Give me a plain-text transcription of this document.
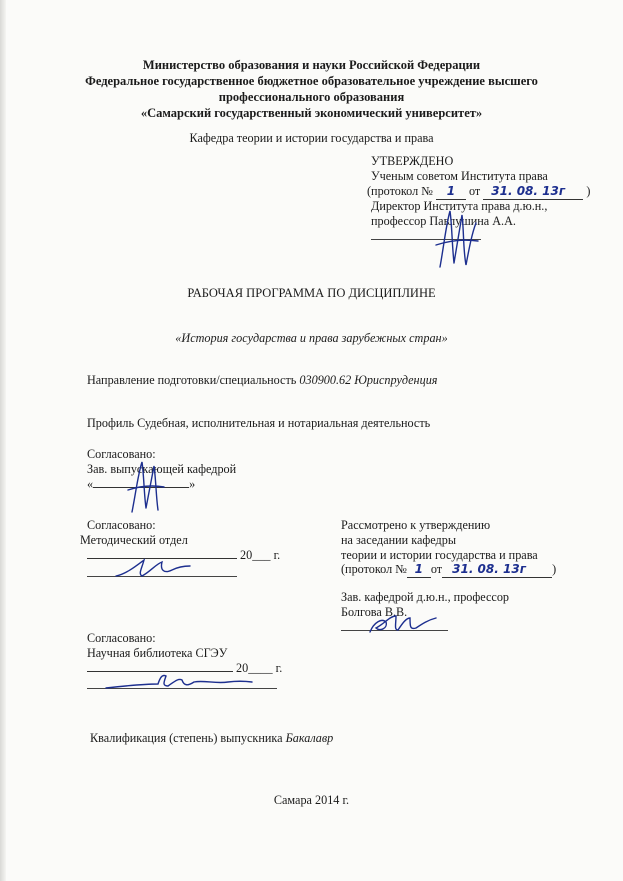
Министерство образования и науки Российской Федерации
Федеральное государственное бюджетное образовательное учреждение высшего
профессионального образования
«Самарский государственный экономический университет»
Кафедра теории и истории государства и права
УТВЕРЖДЕНО
Ученым советом Института права
(протокол № 1 от 31. 08. 13г )
Директор Института права д.ю.н.,
профессор Павлушина А.А.
РАБОЧАЯ ПРОГРАММА ПО ДИСЦИПЛИНЕ
«История государства и права зарубежных стран»
Направление подготовки/специальность 030900.62 Юриспруденция
Профиль Судебная, исполнительная и нотариальная деятельность
Согласовано:
Зав. выпускающей кафедрой
«	»
Согласовано:
Методический отдел
20___ г.
Рассмотрено к утверждению
на заседании кафедры
теории и истории государства и права
(протокол № 1 от 31. 08. 13г )
Зав. кафедрой д.ю.н., профессор
Болгова В.В.
Согласовано:
Научная библиотека СГЭУ
20____ г.
Квалификация (степень) выпускника Бакалавр
Самара 2014 г.
